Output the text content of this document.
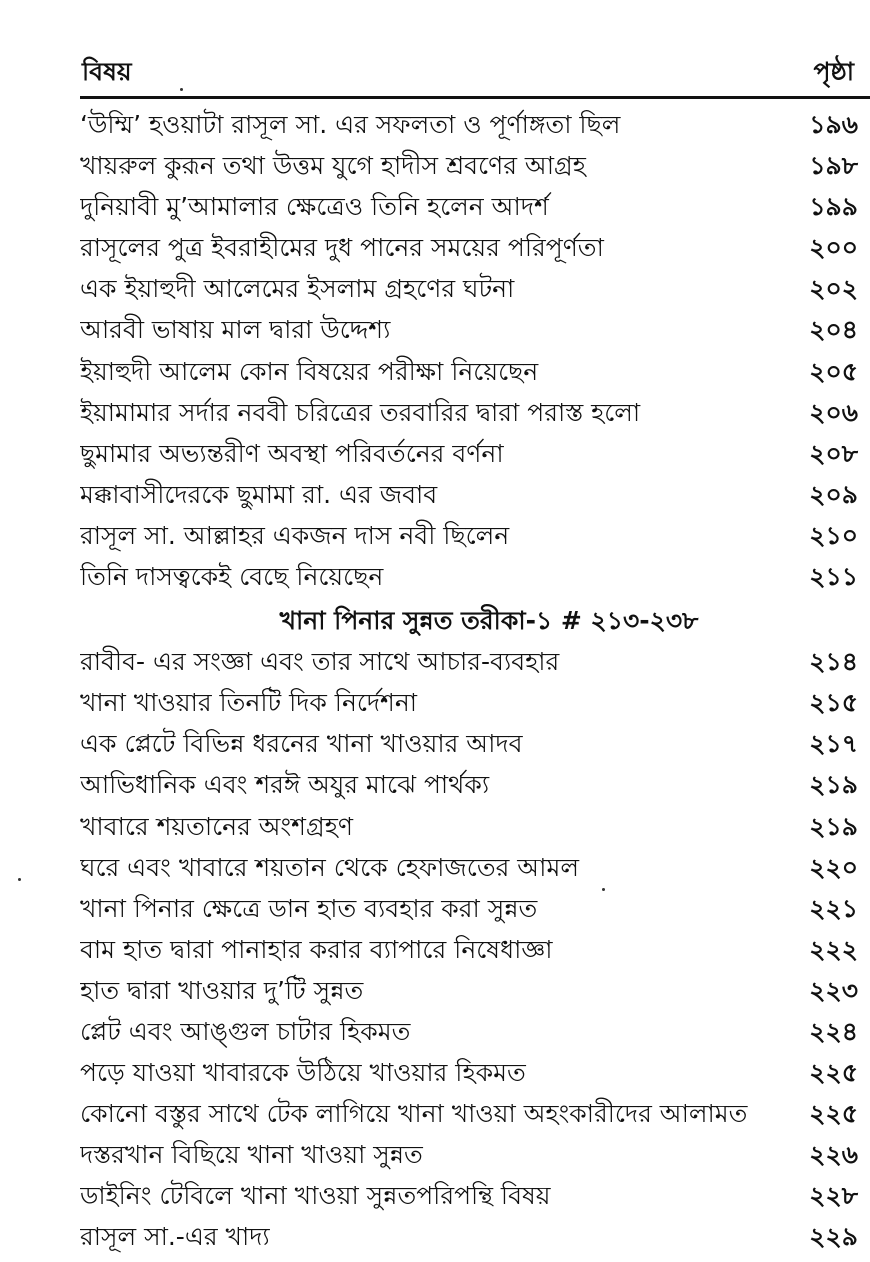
বিষয়	পৃষ্ঠা
‘উম্মি’ হওয়াটা রাসূল সা. এর সফলতা ও পূর্ণাঙ্গতা ছিল	১৯৬
খায়রুল কুরূন তথা উত্তম যুগে হাদীস শ্রবণের আগ্রহ	১৯৮
দুনিয়াবী মু’আমালার ক্ষেত্রেও তিনি হলেন আদর্শ	১৯৯
রাসূলের পুত্র ইবরাহীমের দুধ পানের সময়ের পরিপূর্ণতা	২০০
এক ইয়াহুদী আলেমের ইসলাম গ্রহণের ঘটনা	২০২
আরবী ভাষায় মাল দ্বারা উদ্দেশ্য	২০৪
ইয়াহুদী আলেম কোন বিষয়ের পরীক্ষা নিয়েছেন	২০৫
ইয়ামামার সর্দার নববী চরিত্রের তরবারির দ্বারা পরাস্ত হলো	২০৬
ছুমামার অভ্যন্তরীণ অবস্থা পরিবর্তনের বর্ণনা	২০৮
মক্কাবাসীদেরকে ছুমামা রা. এর জবাব	২০৯
রাসূল সা. আল্লাহর একজন দাস নবী ছিলেন	২১০
তিনি দাসত্বকেই বেছে নিয়েছেন	২১১
খানা পিনার সুন্নত তরীকা-১ # ২১৩-২৩৮
রাবীব- এর সংজ্ঞা এবং তার সাথে আচার-ব্যবহার	২১৪
খানা খাওয়ার তিনটি দিক নির্দেশনা	২১৫
এক প্লেটে বিভিন্ন ধরনের খানা খাওয়ার আদব	২১৭
আভিধানিক এবং শরঈ অযুর মাঝে পার্থক্য	২১৯
খাবারে শয়তানের অংশগ্রহণ	২১৯
ঘরে এবং খাবারে শয়তান থেকে হেফাজতের আমল	২২০
খানা পিনার ক্ষেত্রে ডান হাত ব্যবহার করা সুন্নত	২২১
বাম হাত দ্বারা পানাহার করার ব্যাপারে নিষেধাজ্ঞা	২২২
হাত দ্বারা খাওয়ার দু’টি সুন্নত	২২৩
প্লেট এবং আঙ্গুল চাটার হিকমত	২২৪
পড়ে যাওয়া খাবারকে উঠিয়ে খাওয়ার হিকমত	২২৫
কোনো বস্তুর সাথে টেক লাগিয়ে খানা খাওয়া অহংকারীদের আলামত	২২৫
দস্তরখান বিছিয়ে খানা খাওয়া সুন্নত	২২৬
ডাইনিং টেবিলে খানা খাওয়া সুন্নতপরিপন্থি বিষয়	২২৮
রাসূল সা.-এর খাদ্য	২২৯
